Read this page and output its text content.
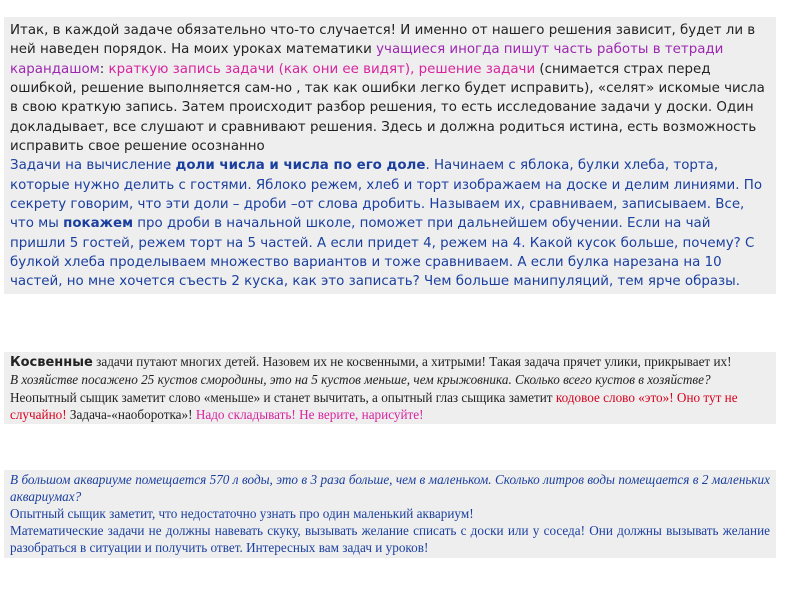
Итак, в каждой задаче обязательно что-то случается! И именно от нашего решения зависит, будет ли в ней наведен порядок. На моих уроках математики учащиеся иногда пишут часть работы в тетради карандашом: краткую запись задачи (как они ее видят), решение задачи (снимается страх перед ошибкой, решение выполняется сам-но , так как ошибки легко будет исправить), «селят» искомые числа в свою краткую запись. Затем происходит разбор решения, то есть исследование задачи у доски. Один докладывает, все слушают и сравнивают решения. Здесь и должна родиться истина, есть возможность исправить свое решение осознанно

Задачи на вычисление доли числа и числа по его доле. Начинаем с яблока, булки хлеба, торта, которые нужно делить с гостями. Яблоко режем, хлеб и торт изображаем на доске и делим линиями. По секрету говорим, что эти доли – дроби –от слова дробить. Называем их, сравниваем, записываем. Все, что мы покажем про дроби в начальной школе, поможет при дальнейшем обучении. Если на чай пришли 5 гостей, режем торт на 5 частей. А если придет 4, режем на 4. Какой кусок больше, почему? С булкой хлеба проделываем множество вариантов и тоже сравниваем. А если булка нарезана на 10 частей, но мне хочется съесть 2 куска, как это записать? Чем больше манипуляций, тем ярче образы.

Косвенные задачи путают многих детей. Назовем их не косвенными, а хитрыми! Такая задача прячет улики, прикрывает их!

В хозяйстве посажено 25 кустов смородины, это на 5 кустов меньше, чем крыжовника. Сколько всего кустов в хозяйстве?

Неопытный сыщик заметит слово «меньше» и станет вычитать, а опытный глаз сыщика заметит кодовое слово «это»! Оно тут не случайно! Задача-«наоборотка»! Надо складывать! Не верите, нарисуйте!

В большом аквариуме помещается 570 л воды, это в 3 раза больше, чем в маленьком. Сколько литров воды помещается в 2 маленьких аквариумах?

Опытный сыщик заметит, что недостаточно узнать про один маленький аквариум!

Математические задачи не должны навевать скуку, вызывать желание списать с доски или у соседа! Они должны вызывать желание разобраться в ситуации и получить ответ. Интересных вам задач и уроков!
